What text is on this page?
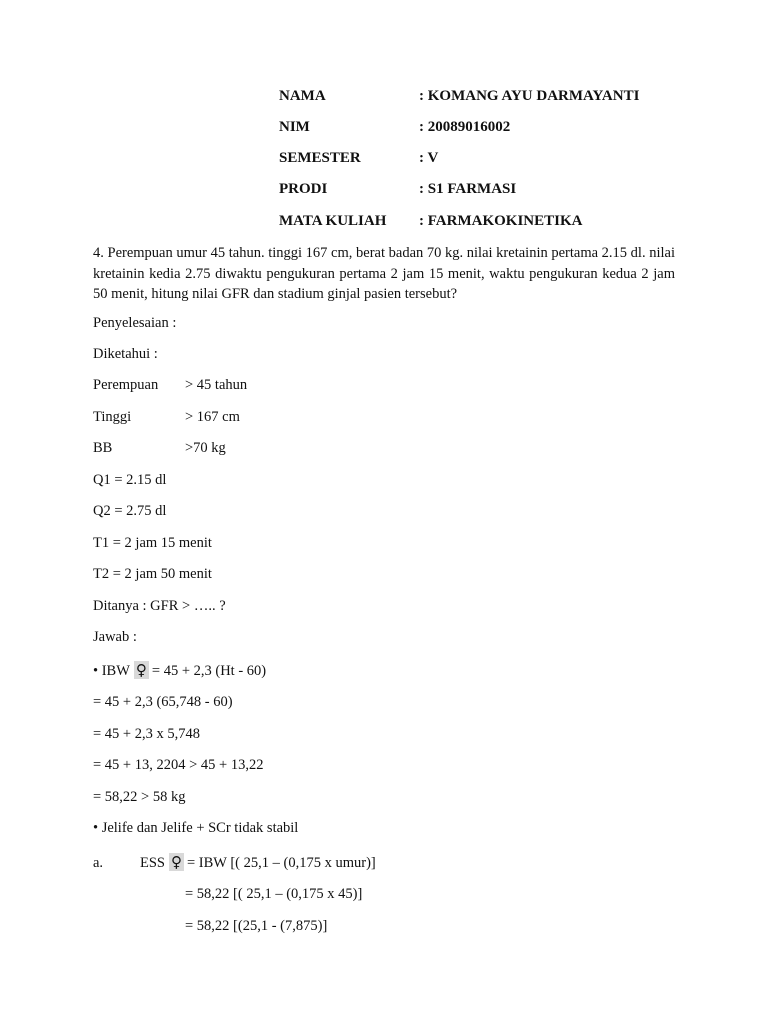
NAMA	: KOMANG AYU DARMAYANTI
NIM	: 20089016002
SEMESTER	: V
PRODI	: S1 FARMASI
MATA KULIAH : FARMAKOKINETIKA
4. Perempuan umur 45 tahun. tinggi 167 cm, berat badan 70 kg. nilai kretainin pertama 2.15 dl. nilai kretainin kedia 2.75 diwaktu pengukuran pertama 2 jam 15 menit, waktu pengukuran kedua 2 jam 50 menit, hitung nilai GFR dan stadium ginjal pasien tersebut?
Penyelesaian :
Diketahui :
Perempuan > 45 tahun
Tinggi	> 167 cm
BB	>70 kg
Q1 = 2.15 dl
Q2 = 2.75 dl
T1 = 2 jam 15 menit
T2 = 2 jam 50 menit
Ditanya : GFR > ….. ?
Jawab :
• IBW ♀ = 45 + 2,3 (Ht - 60)
= 45 + 2,3 (65,748 - 60)
= 45 + 2,3 x 5,748
= 45 + 13, 2204 > 45 + 13,22
= 58,22 > 58 kg
• Jelife dan Jelife + SCr tidak stabil
a.	ESS ♀ = IBW [( 25,1 – (0,175 x umur)]
= 58,22 [( 25,1 – (0,175 x 45)]
= 58,22 [(25,1 - (7,875)]
